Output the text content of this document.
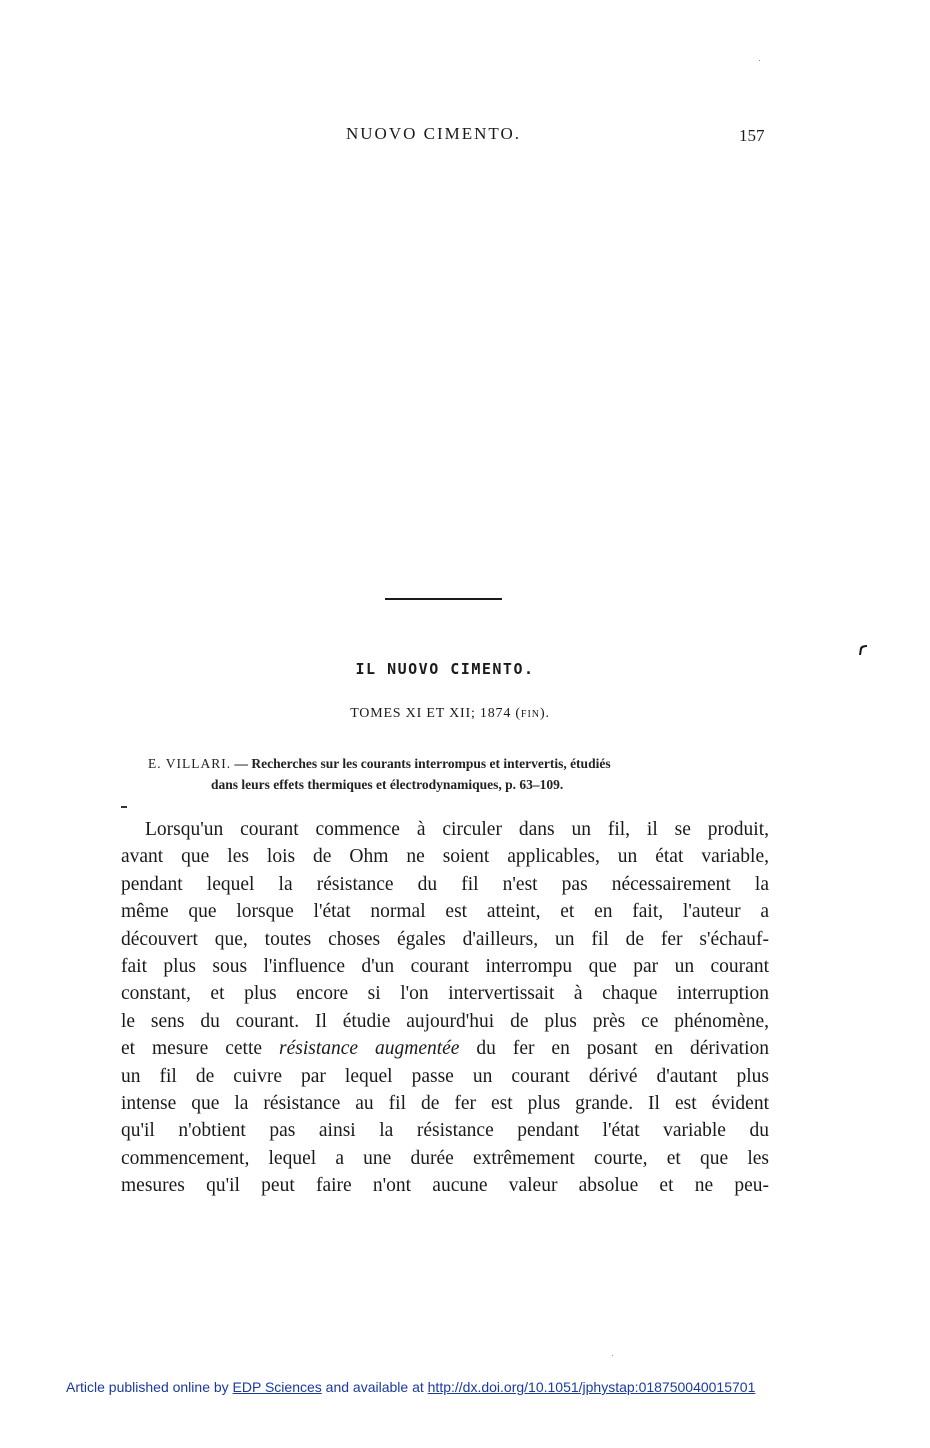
NUOVO CIMENTO.	157
IL NUOVO CIMENTO.
TOMES XI ET XII; 1874 (FIN).
E. VILLARI. — Recherches sur les courants interrompus et intervertis, étudiés
dans leurs effets thermiques et électrodynamiques, p. 63–109.
Lorsqu'un courant commence à circuler dans un fil, il se produit,
avant que les lois de Ohm ne soient applicables, un état variable,
pendant lequel la résistance du fil n'est pas nécessairement la
même que lorsque l'état normal est atteint, et en fait, l'auteur a
découvert que, toutes choses égales d'ailleurs, un fil de fer s'échauf-
fait plus sous l'influence d'un courant interrompu que par un courant
constant, et plus encore si l'on intervertissait à chaque interruption
le sens du courant. Il étudie aujourd'hui de plus près ce phénomène,
et mesure cette résistance augmentée du fer en posant en dérivation
un fil de cuivre par lequel passe un courant dérivé d'autant plus
intense que la résistance au fil de fer est plus grande. Il est évident
qu'il n'obtient pas ainsi la résistance pendant l'état variable du
commencement, lequel a une durée extrêmement courte, et que les
mesures qu'il peut faire n'ont aucune valeur absolue et ne peu-
Article published online by EDP Sciences and available at http://dx.doi.org/10.1051/jphystap:018750040015701
